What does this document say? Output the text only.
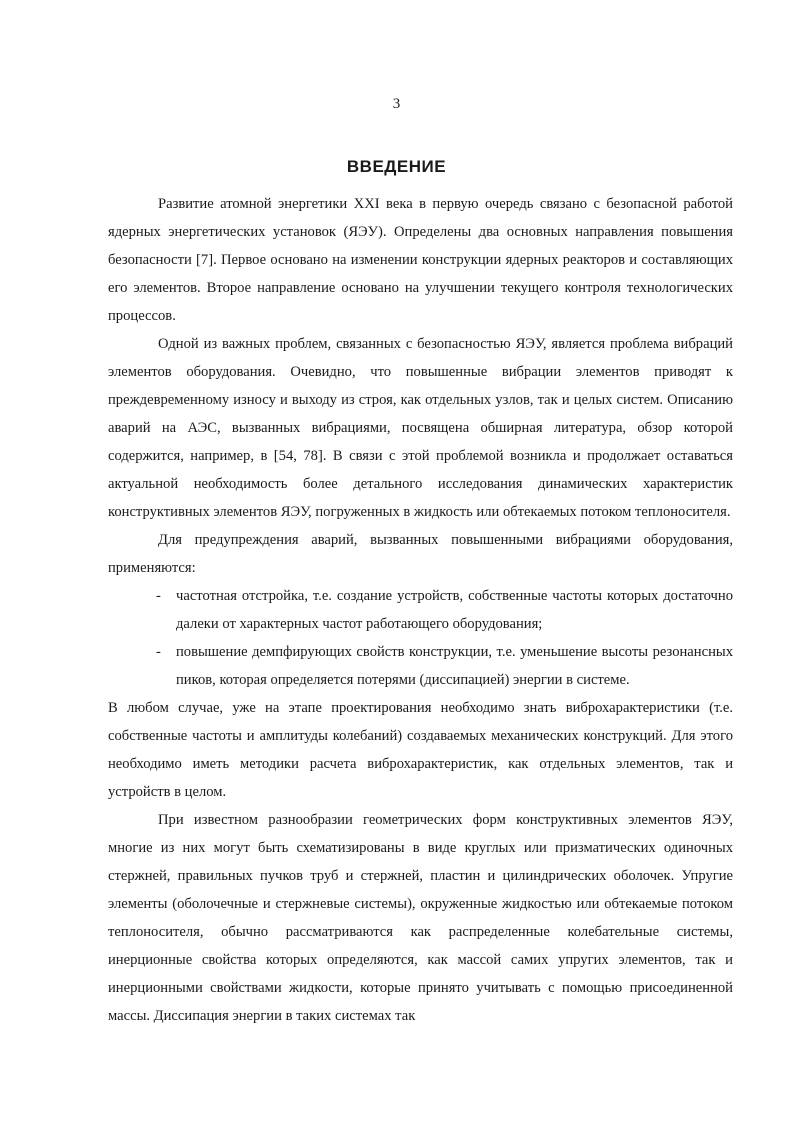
3
ВВЕДЕНИЕ

Развитие атомной энергетики XXI века в первую очередь связано с безопасной работой ядерных энергетических установок (ЯЭУ). Определены два основных направления повышения безопасности [7]. Первое основано на изменении конструкции ядерных реакторов и составляющих его элементов. Второе направление основано на улучшении текущего контроля технологических процессов.

Одной из важных проблем, связанных с безопасностью ЯЭУ, является проблема вибраций элементов оборудования. Очевидно, что повышенные вибрации элементов приводят к преждевременному износу и выходу из строя, как отдельных узлов, так и целых систем. Описанию аварий на АЭС, вызванных вибрациями, посвящена обширная литература, обзор которой содержится, например, в [54, 78]. В связи с этой проблемой возникла и продолжает оставаться актуальной необходимость более детального исследования динамических характеристик конструктивных элементов ЯЭУ, погруженных в жидкость или обтекаемых потоком теплоносителя.

Для предупреждения аварий, вызванных повышенными вибрациями оборудования, применяются:

- частотная отстройка, т.е. создание устройств, собственные частоты которых достаточно далеки от характерных частот работающего оборудования;
- повышение демпфирующих свойств конструкции, т.е. уменьшение высоты резонансных пиков, которая определяется потерями (диссипацией) энергии в системе.

В любом случае, уже на этапе проектирования необходимо знать виброхарактеристики (т.е. собственные частоты и амплитуды колебаний) создаваемых механических конструкций. Для этого необходимо иметь методики расчета виброхарактеристик, как отдельных элементов, так и устройств в целом.

При известном разнообразии геометрических форм конструктивных элементов ЯЭУ, многие из них могут быть схематизированы в виде круглых или призматических одиночных стержней, правильных пучков труб и стержней, пластин и цилиндрических оболочек. Упругие элементы (оболочечные и стержневые системы), окруженные жидкостью или обтекаемые потоком теплоносителя, обычно рассматриваются как распределенные колебательные системы, инерционные свойства которых определяются, как массой самих упругих элементов, так и инерционными свойствами жидкости, которые принято учитывать с помощью присоединенной массы. Диссипация энергии в таких системах так
